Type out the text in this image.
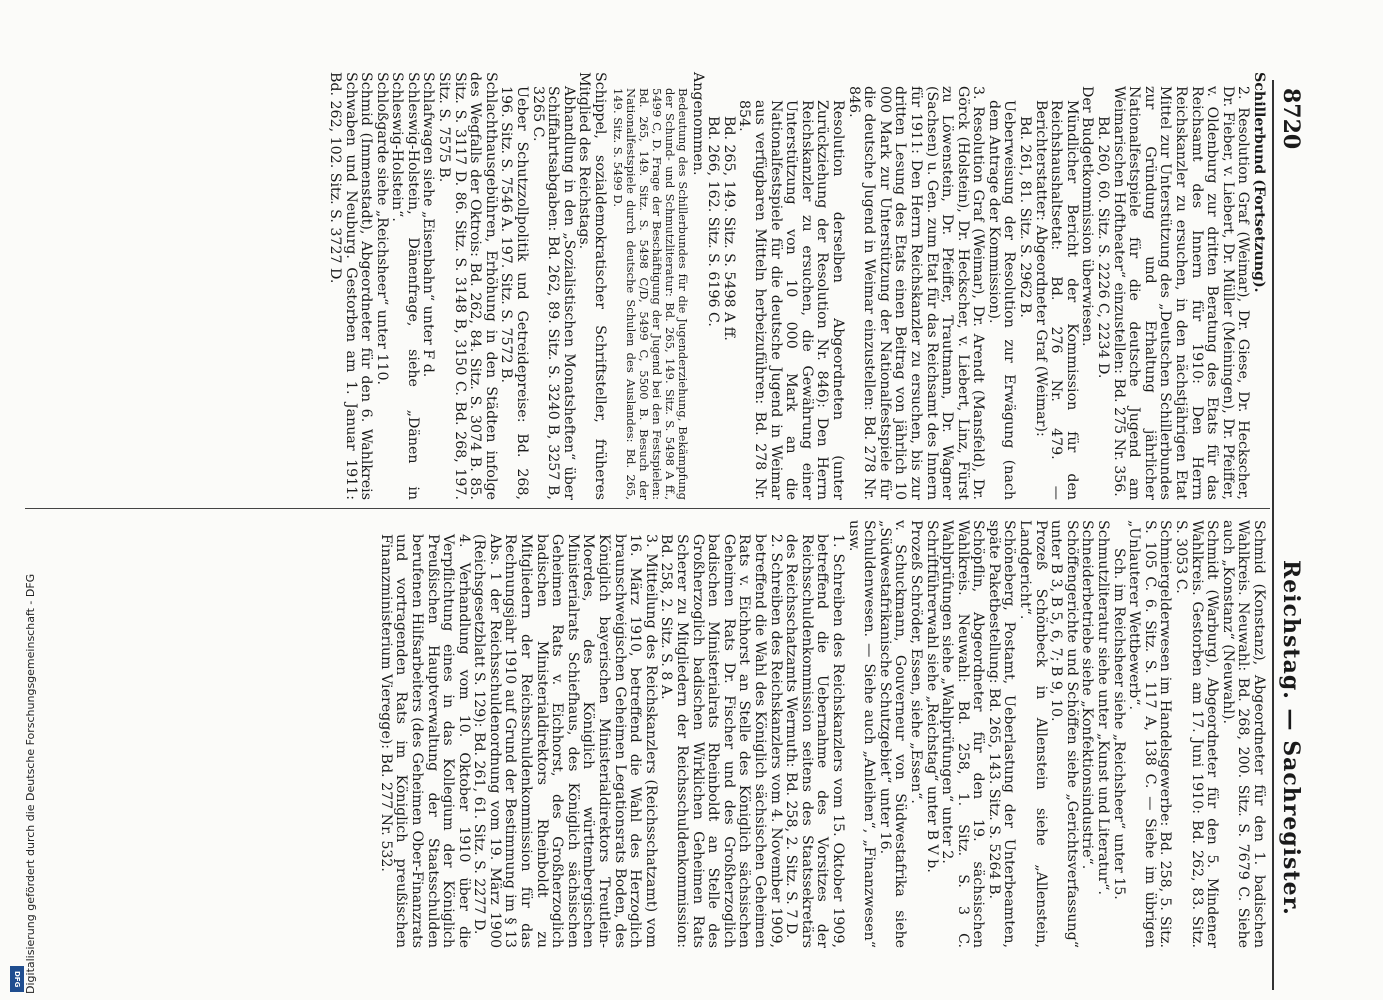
8720
Reichstag. — Sachregister.

Schillerbund (Fortsetzung).

2. Resolution Graf (Weimar), Dr. Giese, Dr. Heckscher, Dr. Fieber, v. Liebert, Dr. Müller (Meiningen), Dr. Pfeiffer, v. Oldenburg zur dritten Beratung des Etats für das Reichsamt des Innern für 1910: Den Herrn Reichskanzler zu ersuchen, in den nächstjährigen Etat Mittel zur Unterstützung des „Deutschen Schillerbundes zur Gründung und Erhaltung jährlicher Nationalfestspiele für die deutsche Jugend am Weimarischen Hoftheater“ einzustellen: Bd. 275 Nr. 356.

Bd. 260, 60. Sitz. S. 2226 C, 2234 D.

Der Budgetkommission überwiesen.

Mündlicher Bericht der Kommission für den Reichshaushaltsetat: Bd. 276 Nr. 479. — Berichterstatter: Abgeordneter Graf (Weimar):

Bd. 261, 81. Sitz. S. 2962 B.

Ueberweisung der Resolution zur Erwägung (nach dem Antrage der Kommission).

3. Resolution Graf (Weimar), Dr. Arendt (Mansfeld), Dr. Görck (Holstein), Dr. Heckscher, v. Liebert, Linz, Fürst zu Löwenstein, Dr. Pfeiffer, Trautmann, Dr. Wagner (Sachsen) u. Gen. zum Etat für das Reichsamt des Innern für 1911: Den Herrn Reichskanzler zu ersuchen, bis zur dritten Lesung des Etats einen Beitrag von jährlich 10 000 Mark zur Unterstützung der Nationalfestspiele für die deutsche Jugend in Weimar einzustellen: Bd. 278 Nr. 846.

Resolution derselben Abgeordneten (unter Zurückziehung der Resolution Nr. 846): Den Herrn Reichskanzler zu ersuchen, die Gewährung einer Unterstützung von 10 000 Mark an die Nationalfestspiele für die deutsche Jugend in Weimar aus verfügbaren Mitteln herbeizuführen: Bd. 278 Nr. 854.

Bd. 265, 149. Sitz. S. 5498 A ff.

Bd. 266, 162. Sitz. S. 6196 C.

Angenommen.

Bedeutung des Schillerbundes für die Jugenderziehung, Bekämpfung der Schund- und Schmutzliteratur: Bd. 265, 149. Sitz. S. 5498 A ff., 5499 C, D. Frage der Beschäftigung der Jugend bei den Festspielen: Bd. 265, 149. Sitz. S. 5498 C/D, 5499 C, 5500 B. Besuch der Nationalfestspiele durch deutsche Schulen des Auslandes: Bd. 265, 149. Sitz. S. 5499 D.

Schippel, sozialdemokratischer Schriftsteller, früheres Mitglied des Reichstags.

Abhandlung in den „Sozialistischen Monatsheften“ über Schiffahrtsabgaben: Bd. 262, 89. Sitz. S. 3240 B, 3257 B, 3265 C.

Ueber Schutzzollpolitik und Getreidepreise: Bd. 268, 196. Sitz. S. 7546 A. 197. Sitz. S. 7572 B.

Schlachthausgebühren, Erhöhung in den Städten infolge des Wegfalls der Oktrois: Bd. 262, 84. Sitz. S. 3074 B. 85. Sitz. S. 3117 D. 86. Sitz. S. 3148 B, 3150 C. Bd. 268, 197. Sitz. S. 7575 B.

Schlafwagen siehe „Eisenbahn“ unter F d.

Schleswig-Holstein, Dänenfrage, siehe „Dänen in Schleswig-Holstein“.

Schloßgarde siehe „Reichsheer“ unter 110.

Schmid (Immenstadt), Abgeordneter für den 6. Wahlkreis Schwaben und Neuburg. Gestorben am 1. Januar 1911: Bd. 262, 102. Sitz. S. 3727 D.

Schmid (Konstanz), Abgeordneter für den 1. badischen Wahlkreis. Neuwahl: Bd. 268, 200. Sitz. S. 7679 C. Siehe auch „Konstanz“ (Neuwahl).

Schmidt (Warburg), Abgeordneter für den 5. Mindener Wahlkreis. Gestorben am 17. Juni 1910: Bd. 262, 83. Sitz. S. 3053 C.

Schmiergelderwesen im Handelsgewerbe: Bd. 258, 5. Sitz. S. 105 C. 6. Sitz. S. 117 A, 138 C. — Siehe im übrigen „Unlauterer Wettbewerb“.

Sch. im Reichsheer siehe „Reichsheer“ unter 15.

Schmutzliteratur siehe unter „Kunst und Literatur“.

Schneiderbetriebe siehe „Konfektionsindustrie“.

Schöffengerichte und Schöffen siehe „Gerichtsverfassung“ unter B 3, B 5, 6, 7; B 9, 10.

Prozeß Schönbeck in Allenstein siehe „Allenstein, Landgericht“.

Schöneberg, Postamt, Ueberlastung der Unterbeamten, späte Paketbestellung: Bd. 265, 143. Sitz. S. 5264 B.

Schöpflin, Abgeordneter für den 19. sächsischen Wahlkreis. Neuwahl: Bd. 258, 1. Sitz. S. 3 C. Wahlprüfungen siehe „Wahlprüfungen“ unter 2.

Schriftführerwahl siehe „Reichstag“ unter B V b.

Prozeß Schröder, Essen, siehe „Essen“.

v. Schuckmann, Gouverneur von Südwestafrika siehe „Südwestafrikanische Schutzgebiet“ unter 16.

Schuldenwesen. — Siehe auch „Anleihen“, „Finanzwesen“ usw.

1. Schreiben des Reichskanzlers vom 15. Oktober 1909, betreffend die Uebernahme des Vorsitzes der Reichsschuldenkommission seitens des Staatssekretärs des Reichsschatzamts Wermuth: Bd. 258, 2. Sitz. S. 7 D.

2. Schreiben des Reichskanzlers vom 4. November 1909, betreffend die Wahl des Königlich sächsischen Geheimen Rats v. Eichhorst an Stelle des Königlich sächsischen Geheimen Rats Dr. Fischer und des Großherzoglich badischen Ministerialrats Rheinboldt an Stelle des Großherzoglich badischen Wirklichen Geheimen Rats Scherer zu Mitgliedern der Reichsschuldenkommission: Bd. 258, 2. Sitz. S. 8 A.

3. Mitteilung des Reichskanzlers (Reichsschatzamt) vom 16. März 1910, betreffend die Wahl des Herzoglich braunschweigischen Geheimen Legationsrats Boden, des Königlich bayerischen Ministerialdirektors Treutlein-Moerdes, des Königlich württembergischen Ministerialrats Schiefhaus, des Königlich sächsischen Geheimen Rats v. Eichhorst, des Großherzoglich badischen Ministerialdirektors Rheinboldt zu Mitgliedern der Reichsschuldenkommission für das Rechnungsjahr 1910 auf Grund der Bestimmung im § 13 Abs. 1 der Reichsschuldenordnung vom 19. März 1900 (Reichsgesetzblatt S. 129): Bd. 261, 61. Sitz. S. 2277 D.

4. Verhandlung vom 10. Oktober 1910 über die Verpflichtung eines in das Kollegium der Königlich Preußischen Hauptverwaltung der Staatsschulden berufenen Hilfsarbeiters (des Geheimen Ober-Finanzrats und vortragenden Rats im Königlich preußischen Finanzministerium Vieregge): Bd. 277 Nr. 532.

Digitalisierung gefördert durch die Deutsche Forschungsgemeinschaft - DFG
DFG
